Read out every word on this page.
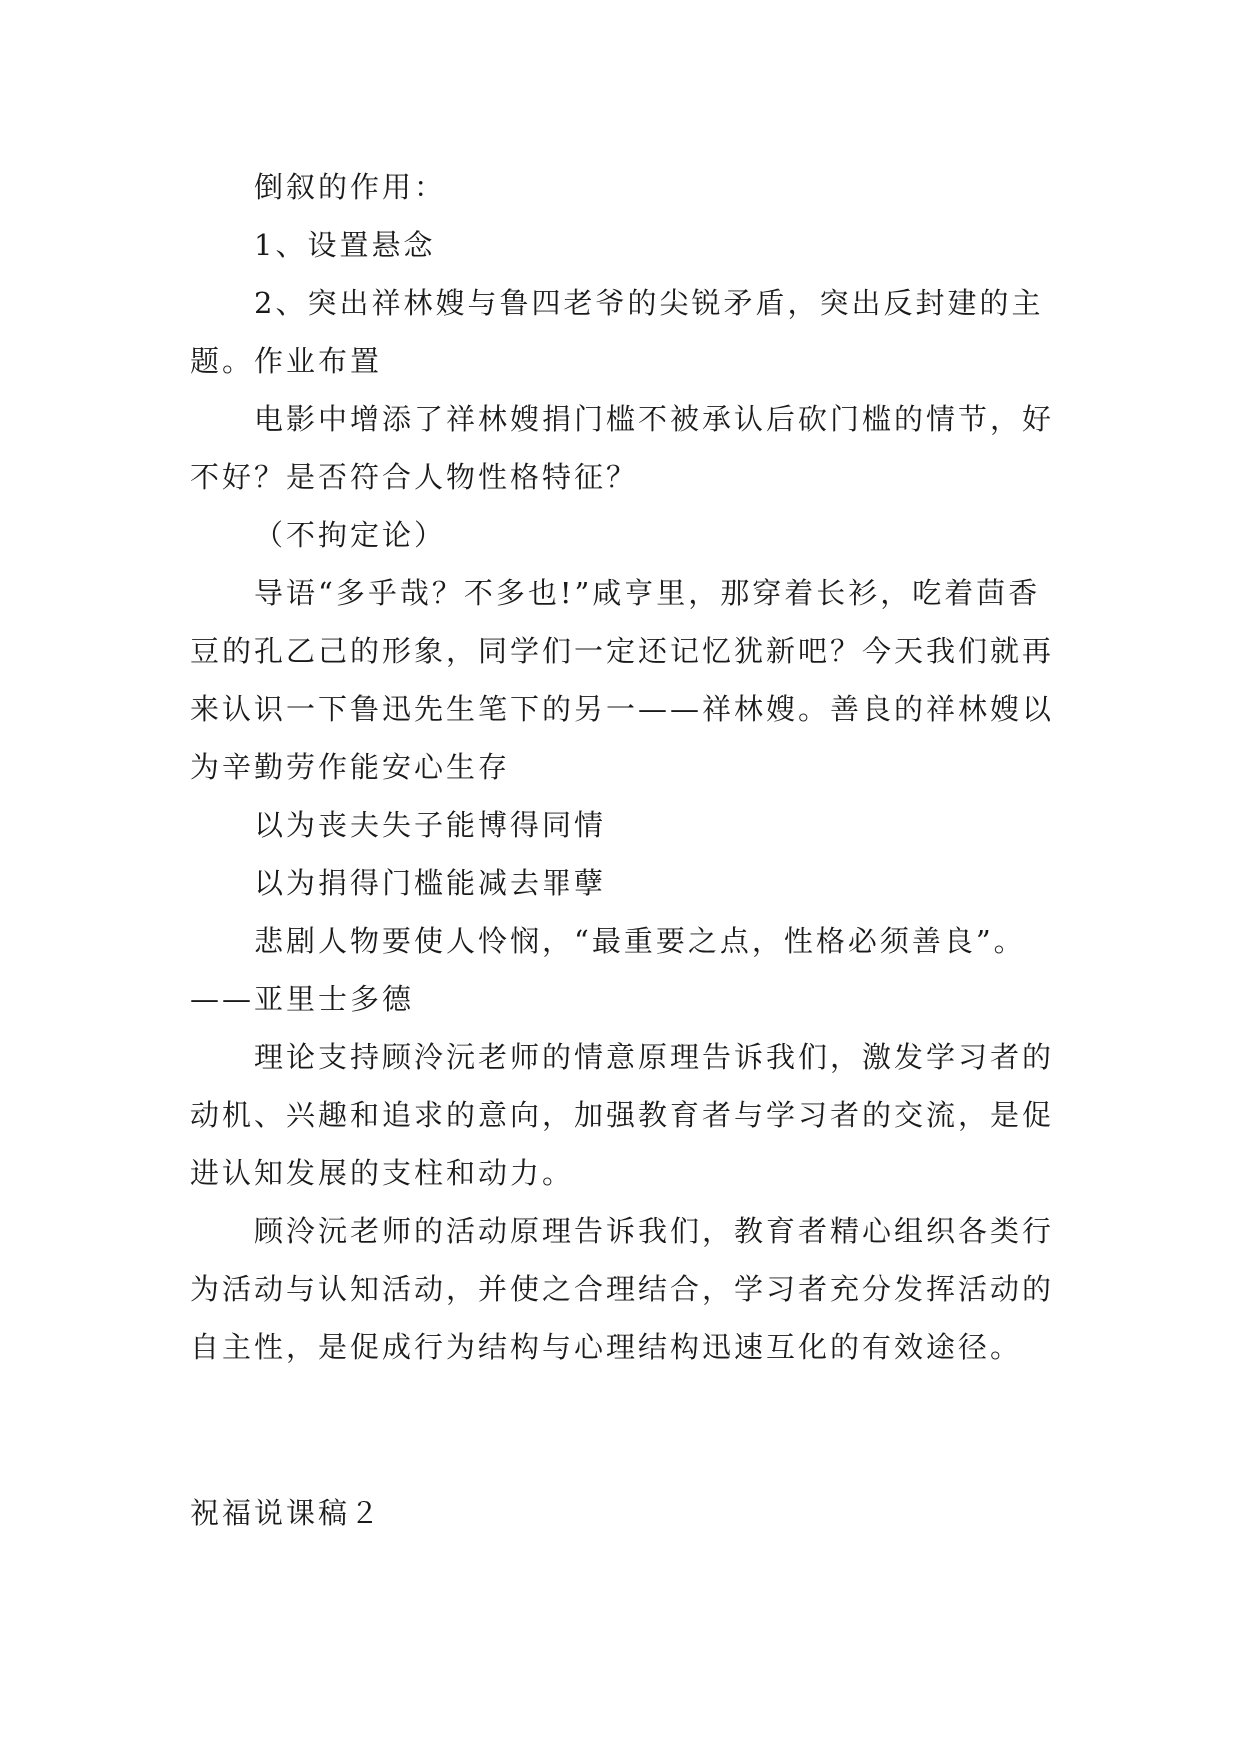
倒叙的作用：

1、设置悬念

2、突出祥林嫂与鲁四老爷的尖锐矛盾，突出反封建的主题。作业布置

电影中增添了祥林嫂捐门槛不被承认后砍门槛的情节，好不好？是否符合人物性格特征？

（不拘定论）

导语“多乎哉？不多也!”咸亨里，那穿着长衫，吃着茴香豆的孔乙己的形象，同学们一定还记忆犹新吧？今天我们就再来认识一下鲁迅先生笔下的另一——祥林嫂。善良的祥林嫂以为辛勤劳作能安心生存

以为丧夫失子能博得同情

以为捐得门槛能减去罪孽

悲剧人物要使人怜悯，“最重要之点，性格必须善良”。——亚里士多德

理论支持顾泠沅老师的情意原理告诉我们，激发学习者的动机、兴趣和追求的意向，加强教育者与学习者的交流，是促进认知发展的支柱和动力。

顾泠沅老师的活动原理告诉我们，教育者精心组织各类行为活动与认知活动，并使之合理结合，学习者充分发挥活动的自主性，是促成行为结构与心理结构迅速互化的有效途径。

祝福说课稿２
